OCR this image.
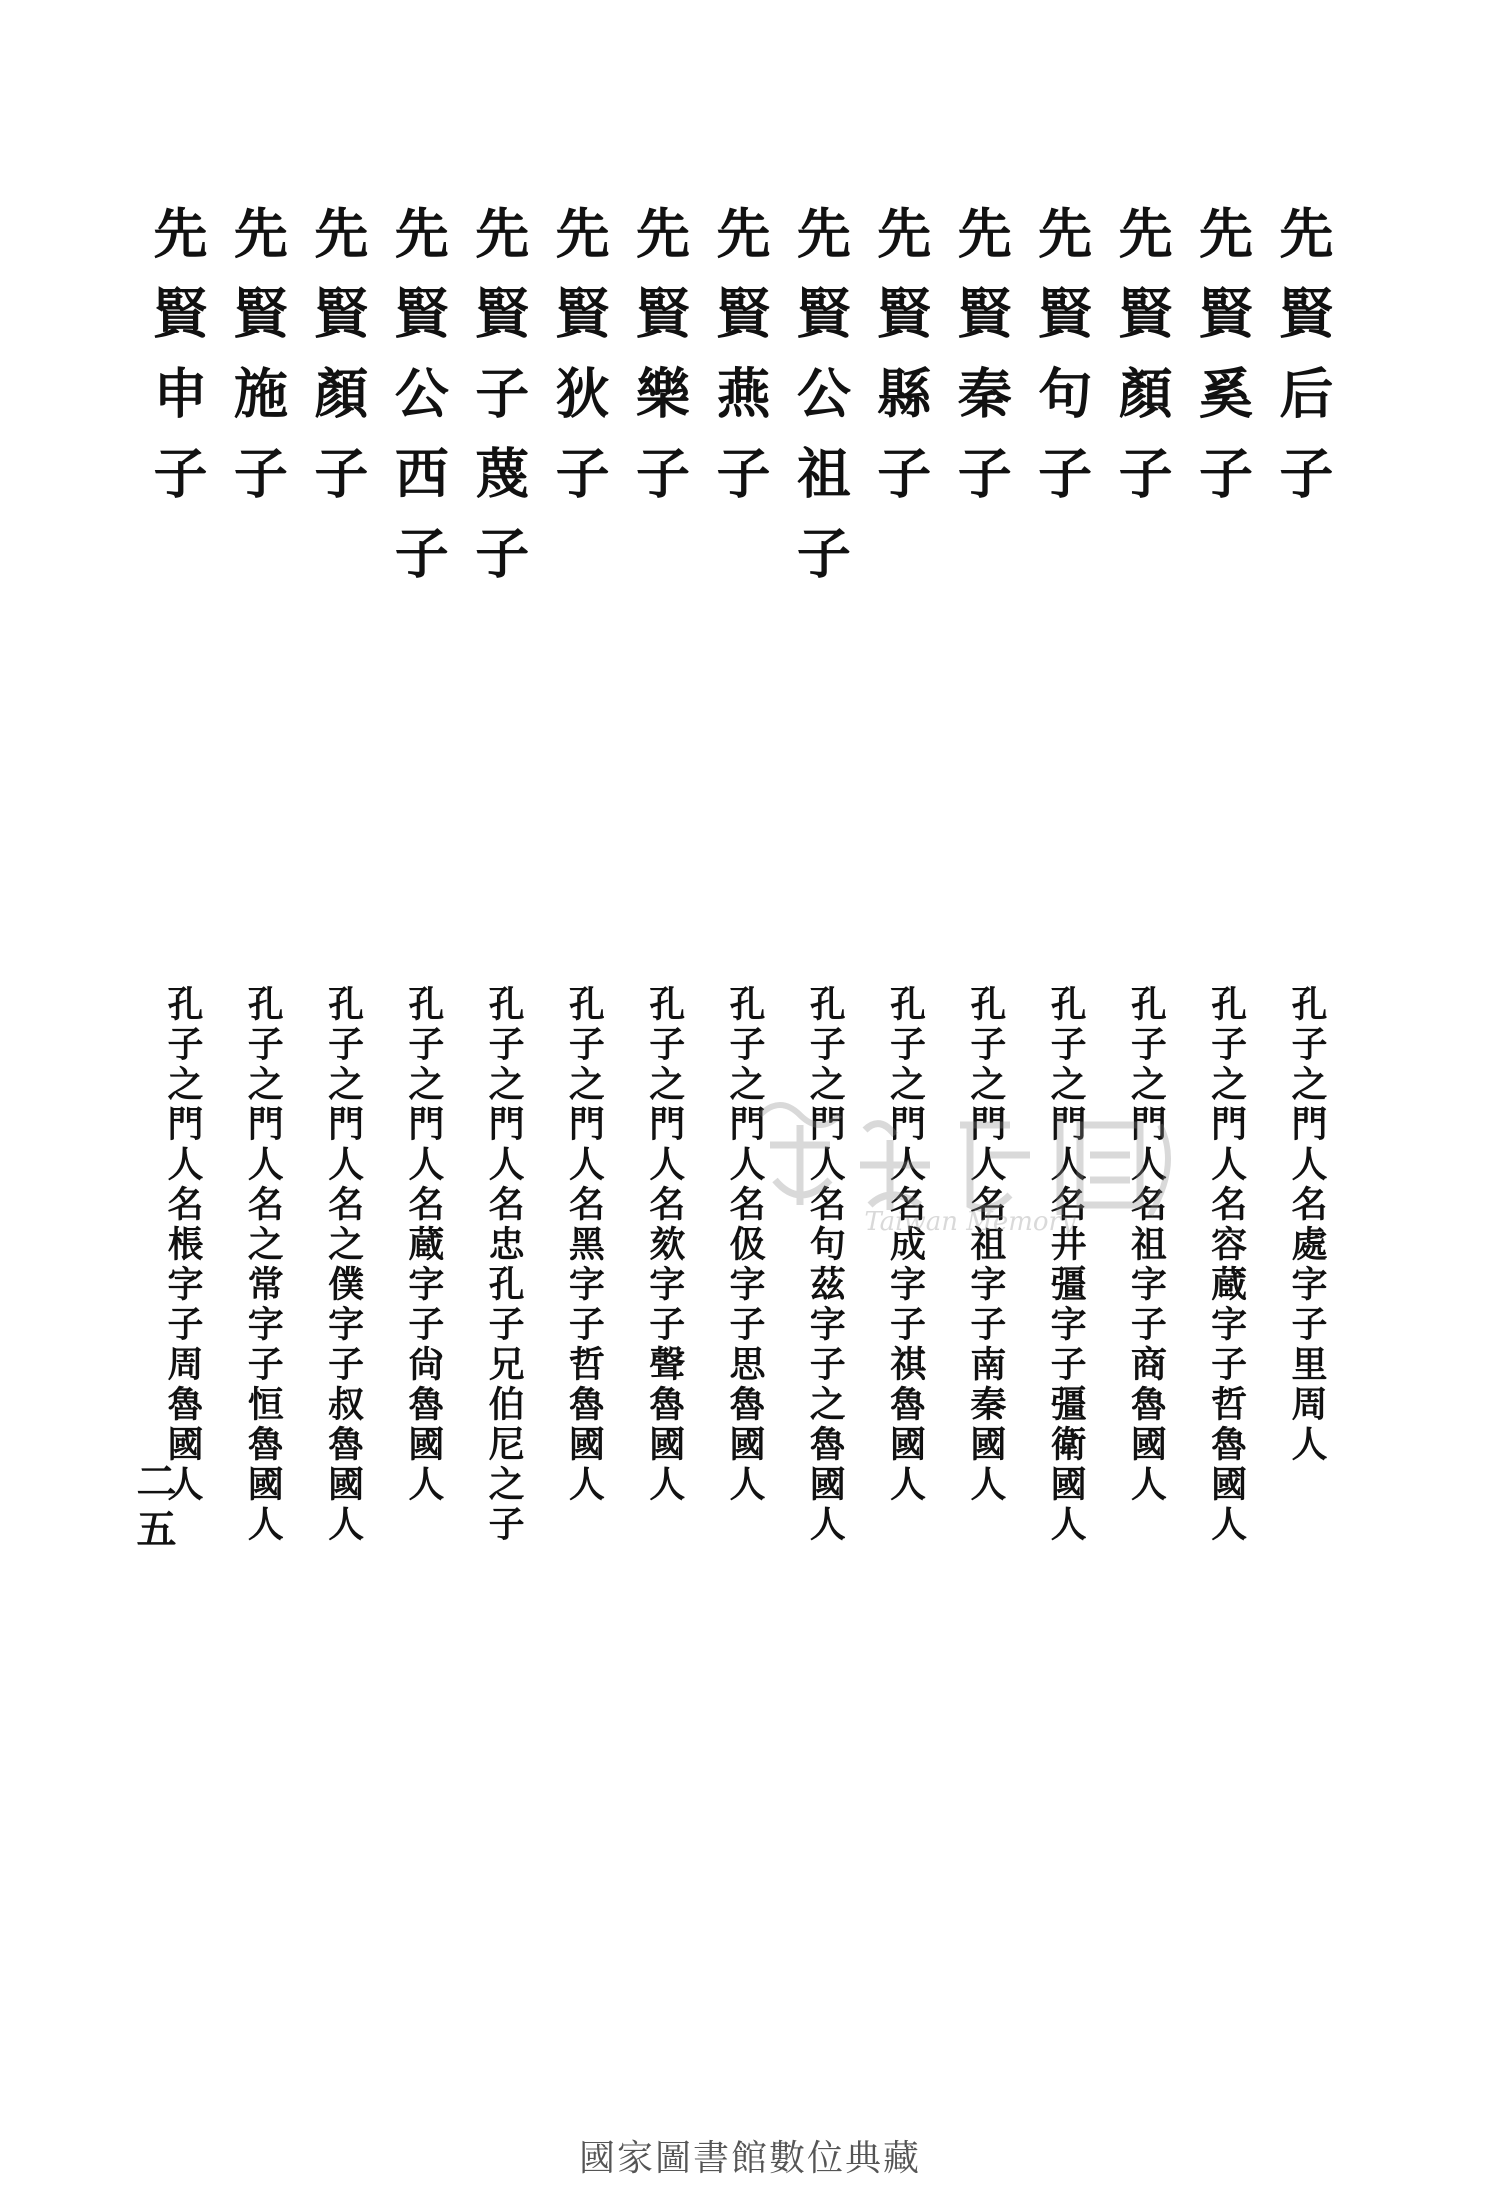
先賢后子

先賢奚子

先賢顏子

先賢句子

先賢秦子

先賢縣子

先賢公祖子

先賢燕子

先賢樂子

先賢狄子

先賢子蔑子

先賢公西子

先賢顏子

先賢施子

先賢申子

孔子之門人名處字子里周人

孔子之門人名容蔵字子哲魯國人

孔子之門人名祖字子商魯國人

孔子之門人名井彊字子彊衛國人

孔子之門人名祖字子南秦國人

孔子之門人名成字子祺魯國人

孔子之門人名句茲字子之魯國人

孔子之門人名伋字子思魯國人

孔子之門人名欬字子聲魯國人

孔子之門人名黑字子哲魯國人

孔子之門人名忠孔子兄伯尼之子

孔子之門人名蔵字子尙魯國人

孔子之門人名之僕字子叔魯國人

孔子之門人名之常字子恒魯國人

孔子之門人名棖字子周魯國人

二五
Taiwan Memory
國家圖書館數位典藏
